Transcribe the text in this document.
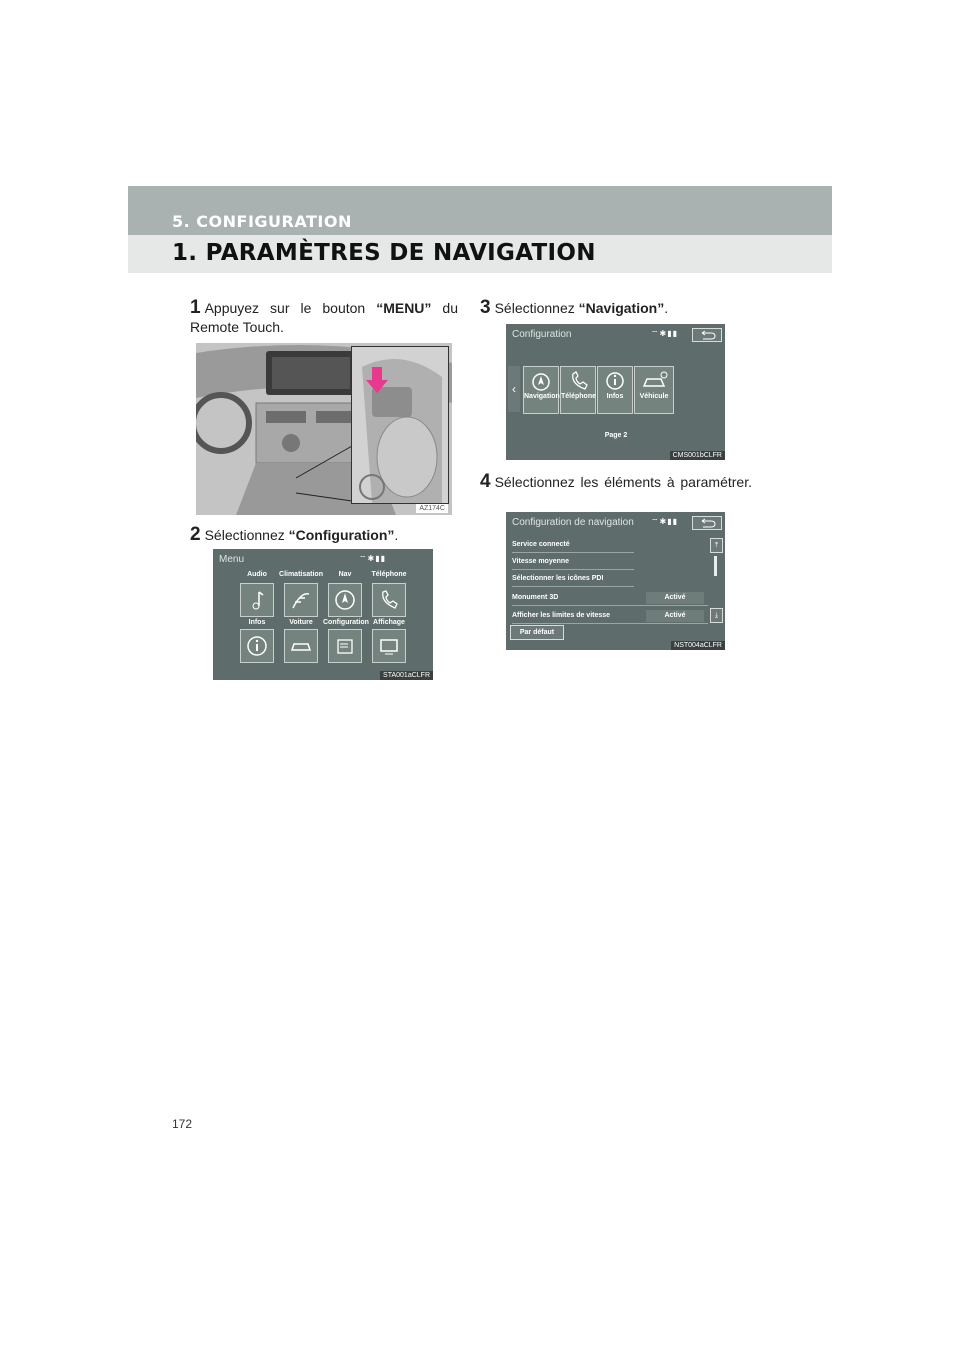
5. CONFIGURATION
1. PARAMÈTRES DE NAVIGATION
1 Appuyez sur le bouton “MENU” du Remote Touch.
AZ174C
2 Sélectionnez “Configuration”.
Menu	⌔✱▮▮
Audio	Climatisation	Nav	Téléphone
Infos	Voiture	Configuration Affichage
STA001aCLFR
3 Sélectionnez “Navigation”.
Configuration	⌔✱▮▮
‹
Navigation Téléphone	Infos	Véhicule
Page 2
CMS001bCLFR
4 Sélectionnez les éléments à paramétrer.
Configuration de navigation ⌔✱▮▮
Service connecté
Vitesse moyenne
Sélectionner les icônes PDI
Monument 3D	Activé
Afficher les limites de vitesse	Activé
⤒
⤓
Par défaut
NST004aCLFR
172
